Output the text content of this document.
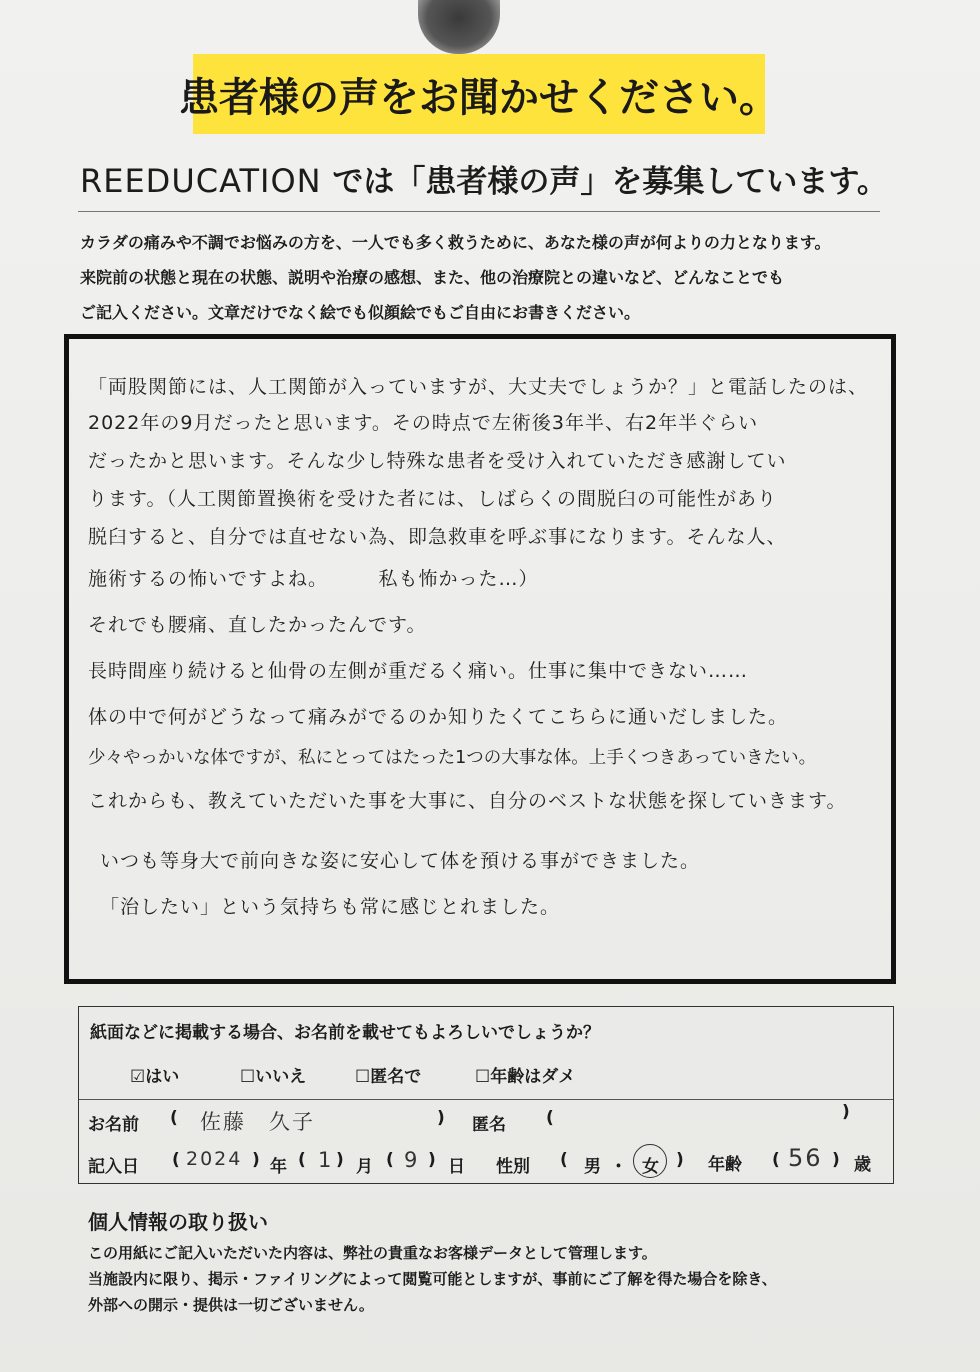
患者様の声をお聞かせください。
REEDUCATION では「患者様の声」を募集しています。
カラダの痛みや不調でお悩みの方を、一人でも多く救うために、あなた様の声が何よりの力となります。
来院前の状態と現在の状態、説明や治療の感想、また、他の治療院との違いなど、どんなことでも
ご記入ください。文章だけでなく絵でも似顔絵でもご自由にお書きください。
「両股関節には、人工関節が入っていますが、大丈夫でしょうか？」と電話したのは、
2022年の9月だったと思います。その時点で左術後3年半、右2年半ぐらい
だったかと思います。そんな少し特殊な患者を受け入れていただき感謝してい
ります。（人工関節置換術を受けた者には、しばらくの間脱臼の可能性があり
脱臼すると、自分では直せない為、即急救車を呼ぶ事になります。そんな人、
施術するの怖いですよね。　　　私も怖かった…）
それでも腰痛、直したかったんです。
長時間座り続けると仙骨の左側が重だるく痛い。仕事に集中できない……
体の中で何がどうなって痛みがでるのか知りたくてこちらに通いだしました。
少々やっかいな体ですが、私にとってはたった1つの大事な体。上手くつきあっていきたい。
これからも、教えていただいた事を大事に、自分のベストな状態を探していきます。
いつも等身大で前向きな姿に安心して体を預ける事ができました。
「治したい」という気持ちも常に感じとれました。
紙面などに掲載する場合、お名前を載せてもよろしいでしょうか？
☑はい	☐いいえ	☐匿名で	☐年齢はダメ
お名前 ( 佐藤　久子	) 匿名 (	)
記入日 ( 2024 ) 年 ( 1 ) 月 ( 9 ) 日 性別 ( 男 ・ 女 ) 年齢 ( 56 ) 歳
個人情報の取り扱い
この用紙にご記入いただいた内容は、弊社の貴重なお客様データとして管理します。
当施設内に限り、掲示・ファイリングによって閲覧可能としますが、事前にご了解を得た場合を除き、
外部への開示・提供は一切ございません。
